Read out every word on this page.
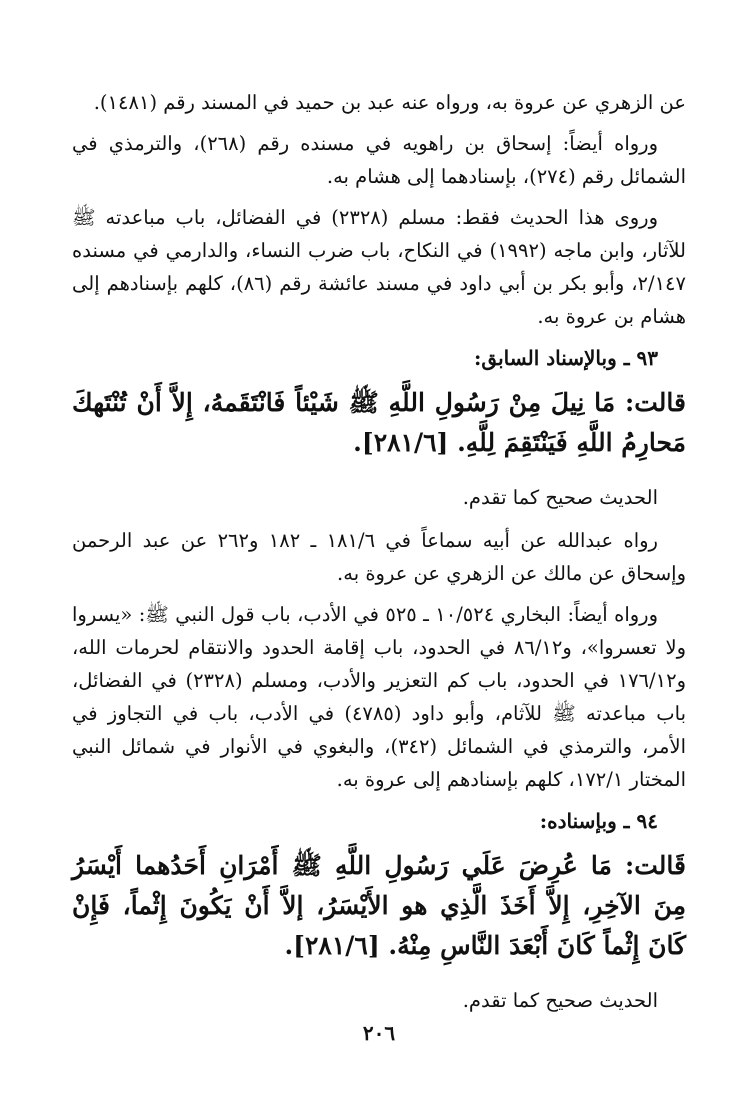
عن الزهري عن عروة به، ورواه عنه عبد بن حميد في المسند رقم (١٤٨١).

ورواه أيضاً: إسحاق بن راهويه في مسنده رقم (٢٦٨)، والترمذي في الشمائل رقم (٢٧٤)، بإسنادهما إلى هشام به.

وروى هذا الحديث فقط: مسلم (٢٣٢٨) في الفضائل، باب مباعدته ﷺ للآثار، وابن ماجه (١٩٩٢) في النكاح، باب ضرب النساء، والدارمي في مسنده ٢/١٤٧، وأبو بكر بن أبي داود في مسند عائشة رقم (٨٦)، كلهم بإسنادهم إلى هشام بن عروة به.

٩٣ ـ وبالإسناد السابق:
قالت: مَا نِيلَ مِنْ رَسُولِ اللَّهِ ﷺ شَيْئاً فَانْتَقَمهُ، إِلاَّ أَنْ تُنْتَهكَ مَحارِمُ اللَّهِ فَيَنْتَقِمَ لِلَّهِ. [٢٨١/٦].
الحديث صحيح كما تقدم.

رواه عبدالله عن أبيه سماعاً في ١٨١/٦ ـ ١٨٢ و٢٦٢ عن عبد الرحمن وإسحاق عن مالك عن الزهري عن عروة به.

ورواه أيضاً: البخاري ١٠/٥٢٤ ـ ٥٢٥ في الأدب، باب قول النبي ﷺ: «يسروا ولا تعسروا»، و٨٦/١٢ في الحدود، باب إقامة الحدود والانتقام لحرمات الله، و١٧٦/١٢ في الحدود، باب كم التعزير والأدب، ومسلم (٢٣٢٨) في الفضائل، باب مباعدته ﷺ للآثام، وأبو داود (٤٧٨٥) في الأدب، باب في التجاوز في الأمر، والترمذي في الشمائل (٣٤٢)، والبغوي في الأنوار في شمائل النبي المختار ١٧٢/١، كلهم بإسنادهم إلى عروة به.

٩٤ ـ وبإسناده:
قَالت: مَا عُرِضَ عَلَي رَسُولِ اللَّهِ ﷺ أَمْرَانِ أَحَدُهما أَيْسَرُ مِنَ الآخِرِ، إِلاَّ أَخَذَ الَّذِي هو الأَيْسَرُ، إلاَّ أَنْ يَكُونَ إِثْماً، فَإِنْ كَانَ إِثْماً كَانَ أَبْعَدَ النَّاسِ مِنْهُ. [٢٨١/٦].
الحديث صحيح كما تقدم.
٢٠٦
